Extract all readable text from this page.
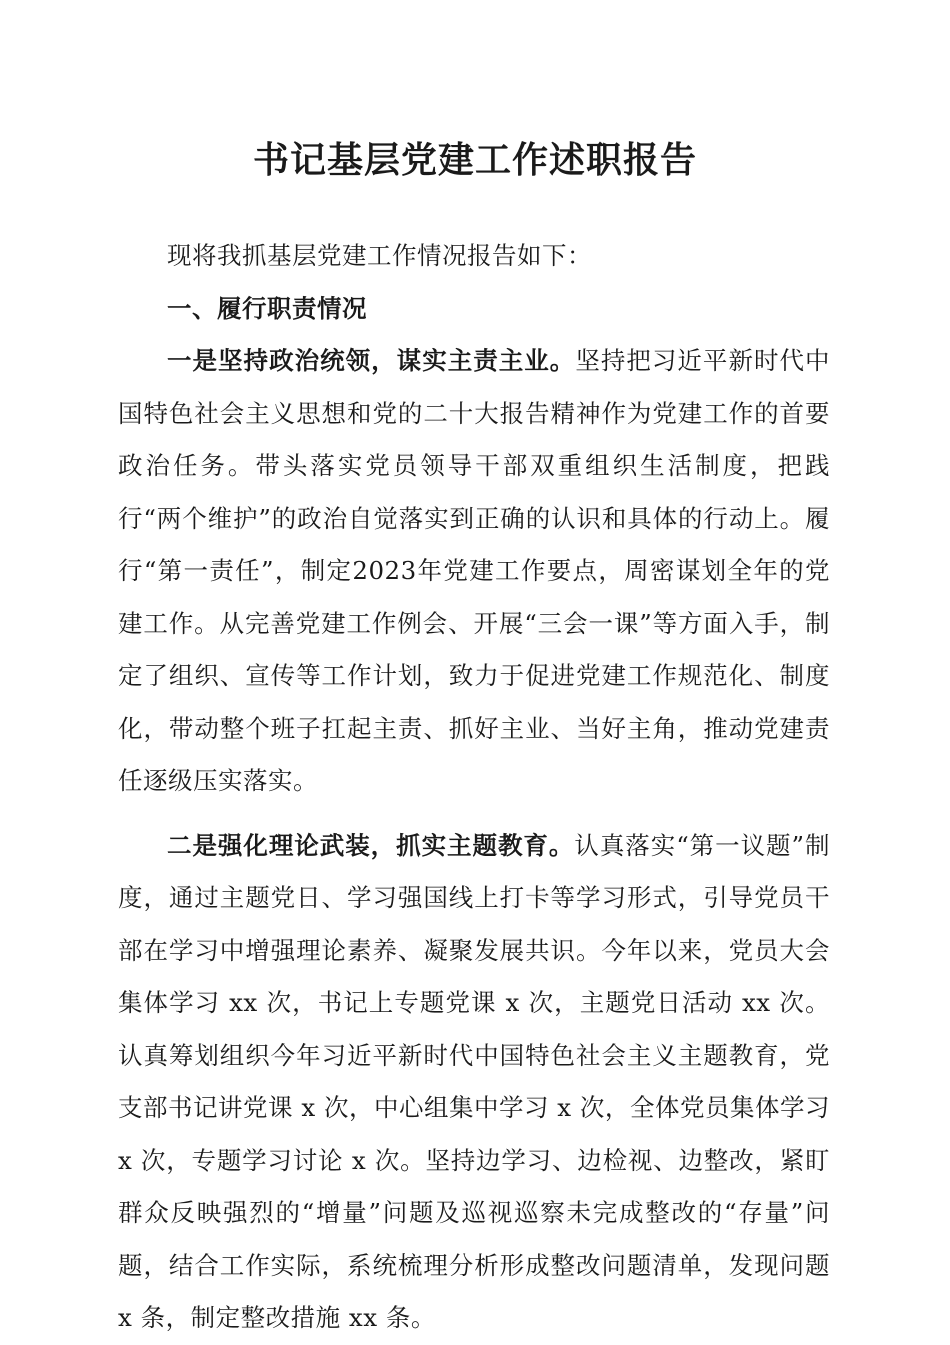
书记基层党建工作述职报告

现将我抓基层党建工作情况报告如下：

一、履行职责情况

一是坚持政治统领，谋实主责主业。坚持把习近平新时代中国特色社会主义思想和党的二十大报告精神作为党建工作的首要政治任务。带头落实党员领导干部双重组织生活制度，把践行“两个维护”的政治自觉落实到正确的认识和具体的行动上。履行“第一责任”，制定2023年党建工作要点，周密谋划全年的党建工作。从完善党建工作例会、开展“三会一课”等方面入手，制定了组织、宣传等工作计划，致力于促进党建工作规范化、制度化，带动整个班子扛起主责、抓好主业、当好主角，推动党建责任逐级压实落实。

二是强化理论武装，抓实主题教育。认真落实“第一议题”制度，通过主题党日、学习强国线上打卡等学习形式，引导党员干部在学习中增强理论素养、凝聚发展共识。今年以来，党员大会集体学习 xx 次，书记上专题党课 x 次，主题党日活动 xx 次。认真筹划组织今年习近平新时代中国特色社会主义主题教育，党支部书记讲党课 x 次，中心组集中学习 x 次，全体党员集体学习 x 次，专题学习讨论 x 次。坚持边学习、边检视、边整改，紧盯群众反映强烈的“增量”问题及巡视巡察未完成整改的“存量”问题，结合工作实际，系统梳理分析形成整改问题清单，发现问题 x 条，制定整改措施 xx 条。
